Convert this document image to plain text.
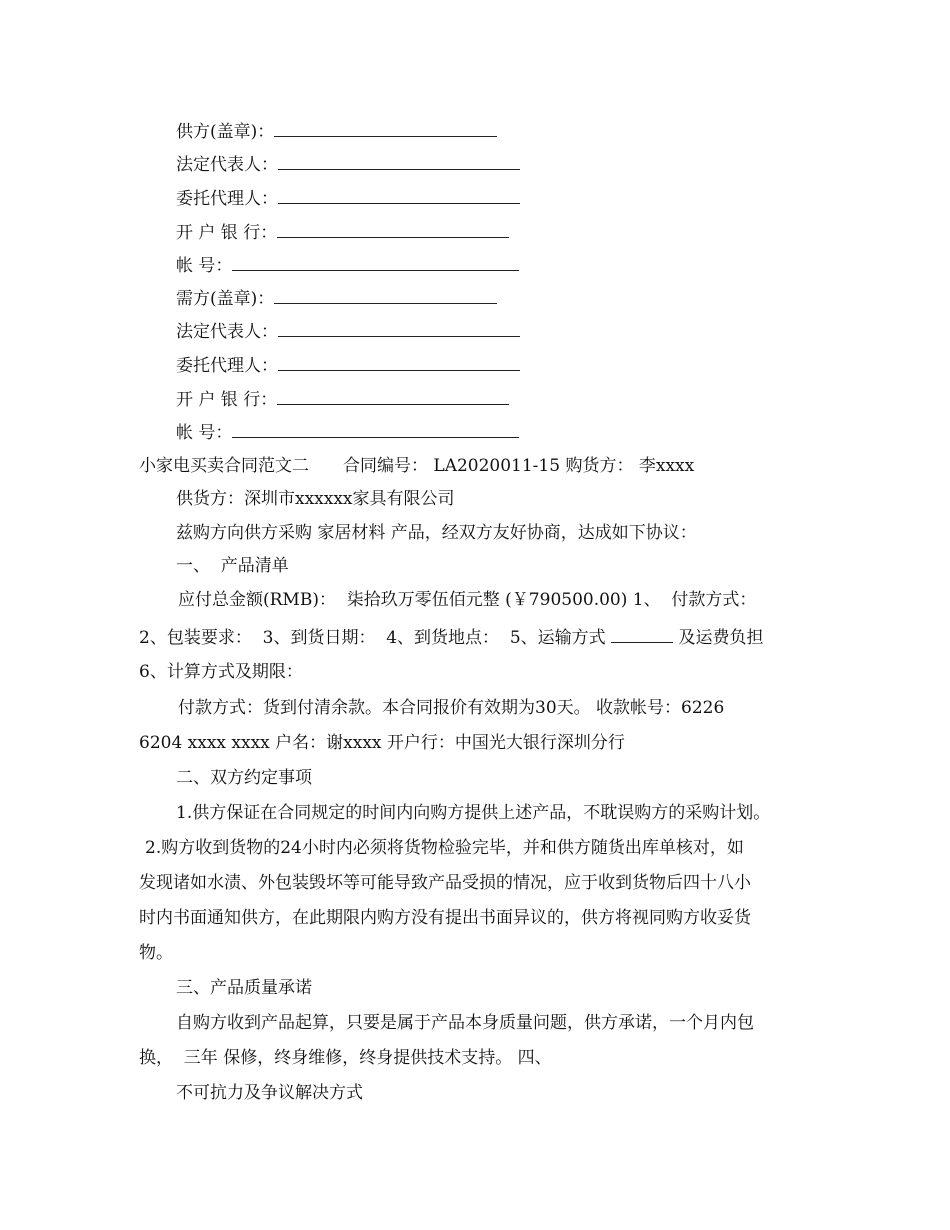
供方(盖章)：
法定代表人：
委托代理人：
开 户 银 行：
帐 号：
需方(盖章)：
法定代表人：
委托代理人：
开 户 银 行：
帐 号：
小家电买卖合同范文二　　合同编号： LA2020011-15 购货方： 李xxxx
供货方：深圳市xxxxxx家具有限公司
兹购方向供方采购 家居材料 产品，经双方友好协商，达成如下协议：
一、  产品清单
应付总金额(RMB)：  柒拾玖万零伍佰元整 (￥790500.00) 1、  付款方式：
2、包装要求：  3、到货日期：  4、到货地点：  5、运输方式	及运费负担
6、计算方式及期限：
付款方式：货到付清余款。本合同报价有效期为30天。 收款帐号：6226
6204 xxxx xxxx 户名：谢xxxx 开户行：中国光大银行深圳分行
二、双方约定事项
1.供方保证在合同规定的时间内向购方提供上述产品，不耽误购方的采购计划。
2.购方收到货物的24小时内必须将货物检验完毕，并和供方随货出库单核对，如
发现诸如水渍、外包装毁坏等可能导致产品受损的情况，应于收到货物后四十八小
时内书面通知供方，在此期限内购方没有提出书面异议的，供方将视同购方收妥货
物。
三、产品质量承诺
自购方收到产品起算，只要是属于产品本身质量问题，供方承诺，一个月内包
换，  三年 保修，终身维修，终身提供技术支持。 四、
不可抗力及争议解决方式
